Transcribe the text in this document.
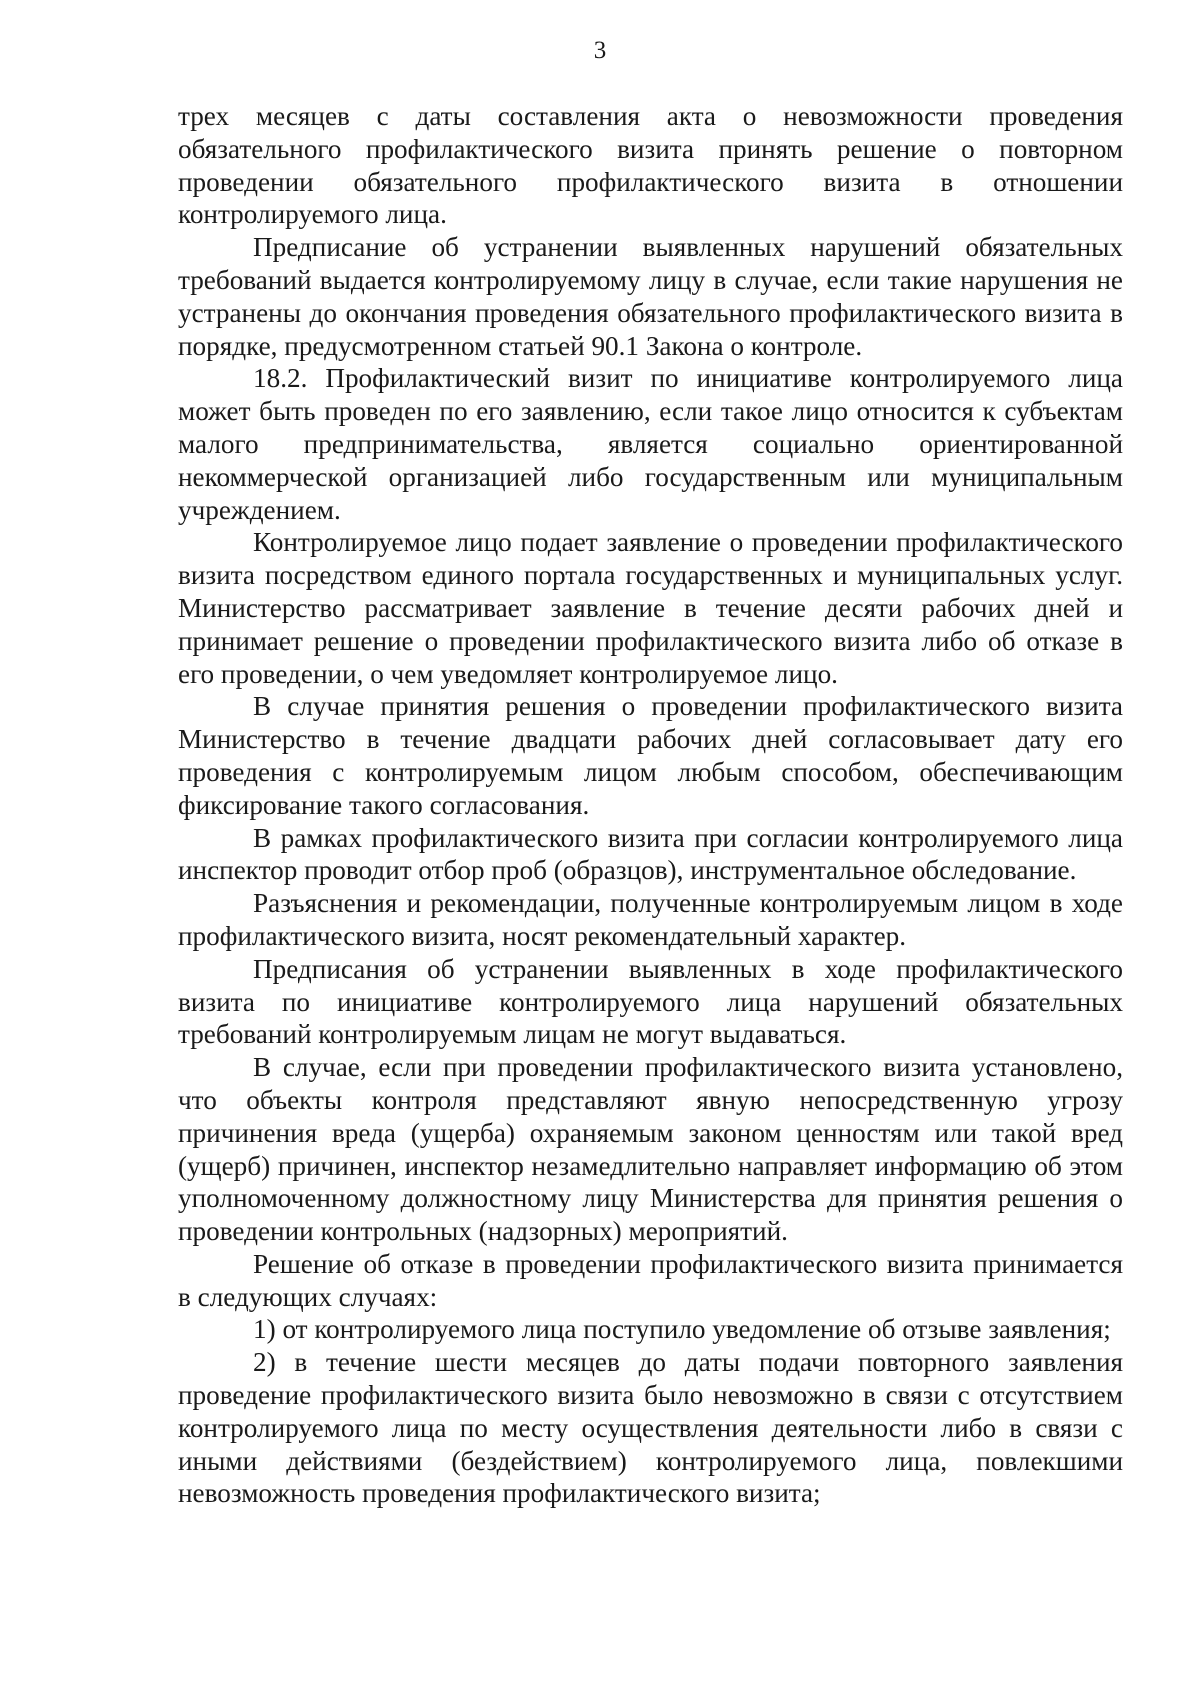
3

трех месяцев с даты составления акта о невозможности проведения обязательного профилактического визита принять решение о повторном проведении обязательного профилактического визита в отношении контролируемого лица.

Предписание об устранении выявленных нарушений обязательных требований выдается контролируемому лицу в случае, если такие нарушения не устранены до окончания проведения обязательного профилактического визита в порядке, предусмотренном статьей 90.1 Закона о контроле.

18.2. Профилактический визит по инициативе контролируемого лица может быть проведен по его заявлению, если такое лицо относится к субъектам малого предпринимательства, является социально ориентированной некоммерческой организацией либо государственным или муниципальным учреждением.

Контролируемое лицо подает заявление о проведении профилактического визита посредством единого портала государственных и муниципальных услуг. Министерство рассматривает заявление в течение десяти рабочих дней и принимает решение о проведении профилактического визита либо об отказе в его проведении, о чем уведомляет контролируемое лицо.

В случае принятия решения о проведении профилактического визита Министерство в течение двадцати рабочих дней согласовывает дату его проведения с контролируемым лицом любым способом, обеспечивающим фиксирование такого согласования.

В рамках профилактического визита при согласии контролируемого лица инспектор проводит отбор проб (образцов), инструментальное обследование.

Разъяснения и рекомендации, полученные контролируемым лицом в ходе профилактического визита, носят рекомендательный характер.

Предписания об устранении выявленных в ходе профилактического визита по инициативе контролируемого лица нарушений обязательных требований контролируемым лицам не могут выдаваться.

В случае, если при проведении профилактического визита установлено, что объекты контроля представляют явную непосредственную угрозу причинения вреда (ущерба) охраняемым законом ценностям или такой вред (ущерб) причинен, инспектор незамедлительно направляет информацию об этом уполномоченному должностному лицу Министерства для принятия решения о проведении контрольных (надзорных) мероприятий.

Решение об отказе в проведении профилактического визита принимается в следующих случаях:

1) от контролируемого лица поступило уведомление об отзыве заявления;

2) в течение шести месяцев до даты подачи повторного заявления проведение профилактического визита было невозможно в связи с отсутствием контролируемого лица по месту осуществления деятельности либо в связи с иными действиями (бездействием) контролируемого лица, повлекшими невозможность проведения профилактического визита;
